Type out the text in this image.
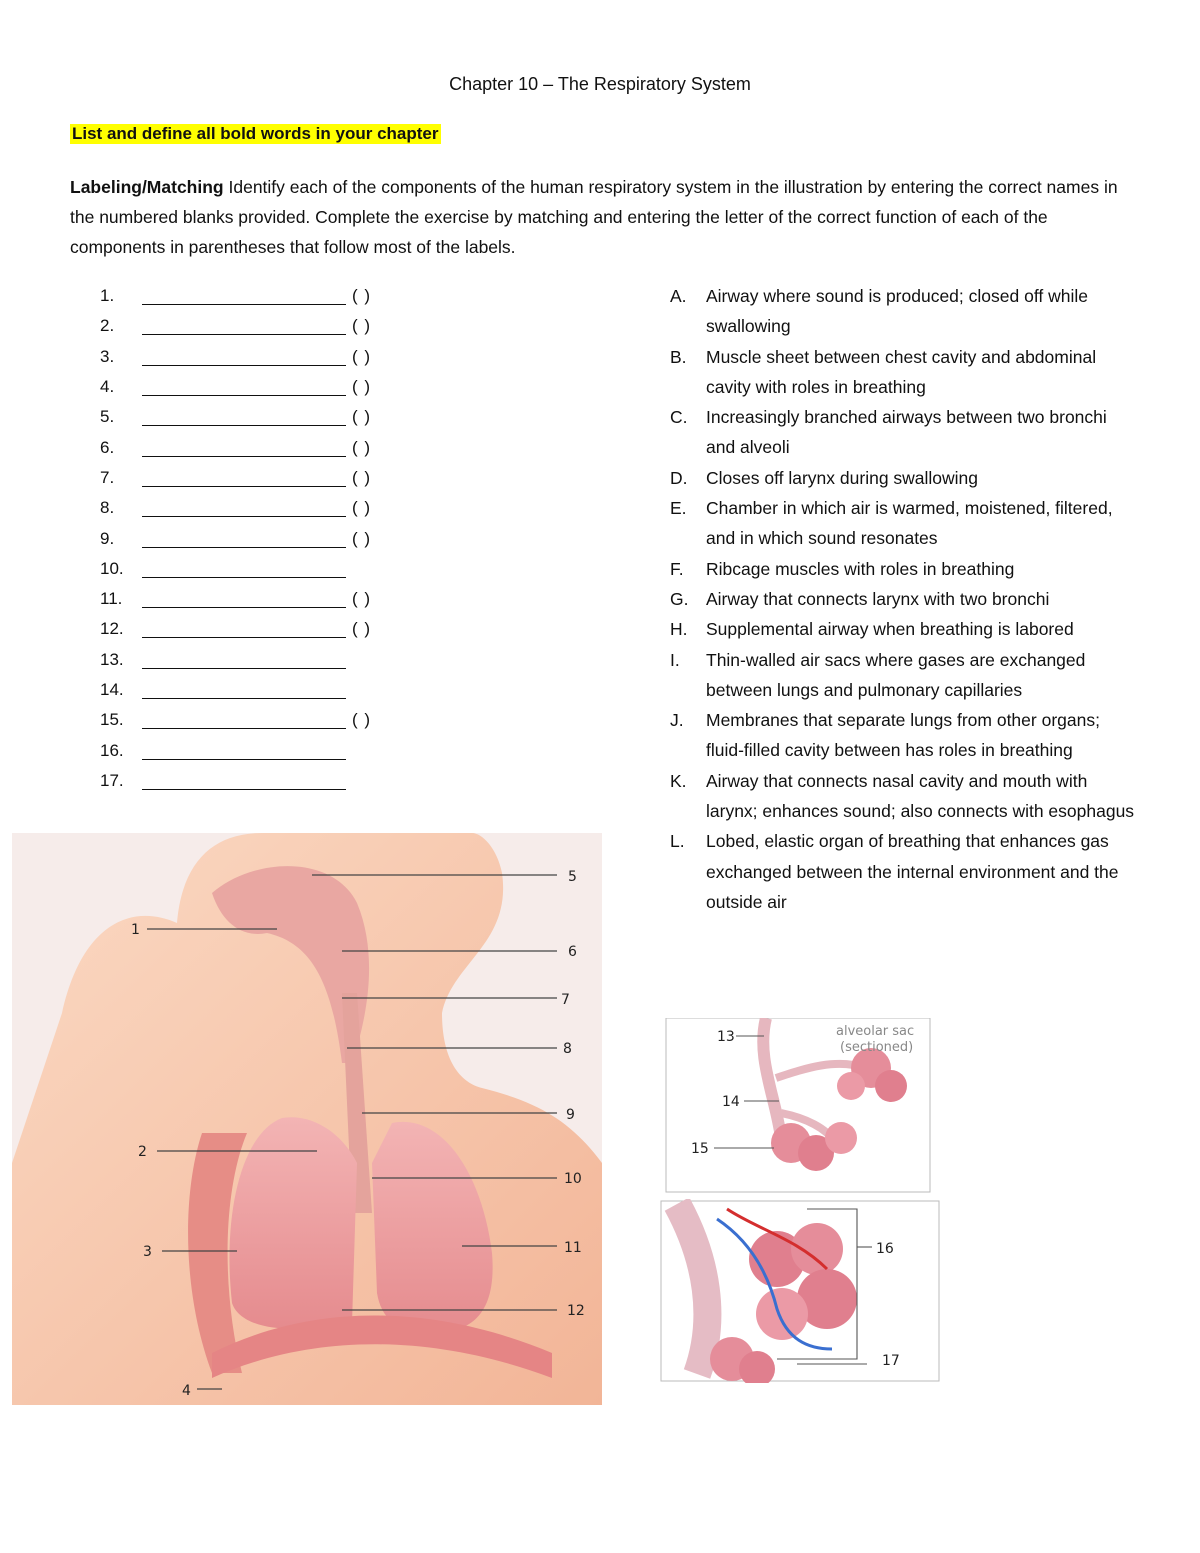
Chapter 10 – The Respiratory System
List and define all bold words in your chapter
Labeling/Matching Identify each of the components of the human respiratory system in the illustration by entering the correct names in the numbered blanks provided. Complete the exercise by matching and entering the letter of the correct function of each of the components in parentheses that follow most of the labels.
1.	( )
2.	( )
3.	( )
4.	( )
5.	( )
6.	( )
7.	( )
8.	( )
9.	( )
10.
11.	( )
12.	( )
13.
14.
15.	( )
16.
17.
A.	Airway where sound is produced; closed off while swallowing
B.	Muscle sheet between chest cavity and abdominal cavity with roles in breathing
C.	Increasingly branched airways between two bronchi and alveoli
D.	Closes off larynx during swallowing
E.	Chamber in which air is warmed, moistened, filtered, and in which sound resonates
F.	Ribcage muscles with roles in breathing
G.	Airway that connects larynx with two bronchi
H.	Supplemental airway when breathing is labored
I.	Thin-walled air sacs where gases are exchanged between lungs and pulmonary capillaries
J.	Membranes that separate lungs from other organs; fluid-filled cavity between has roles in breathing
K.	Airway that connects nasal cavity and mouth with larynx; enhances sound; also connects with esophagus
L.	Lobed, elastic organ of breathing that enhances gas exchanged between the internal environment and the outside air
1
2
3
4
5
6
7
8
9
10
11
12
13
14
15
alveolar sac
(sectioned)
16
17
